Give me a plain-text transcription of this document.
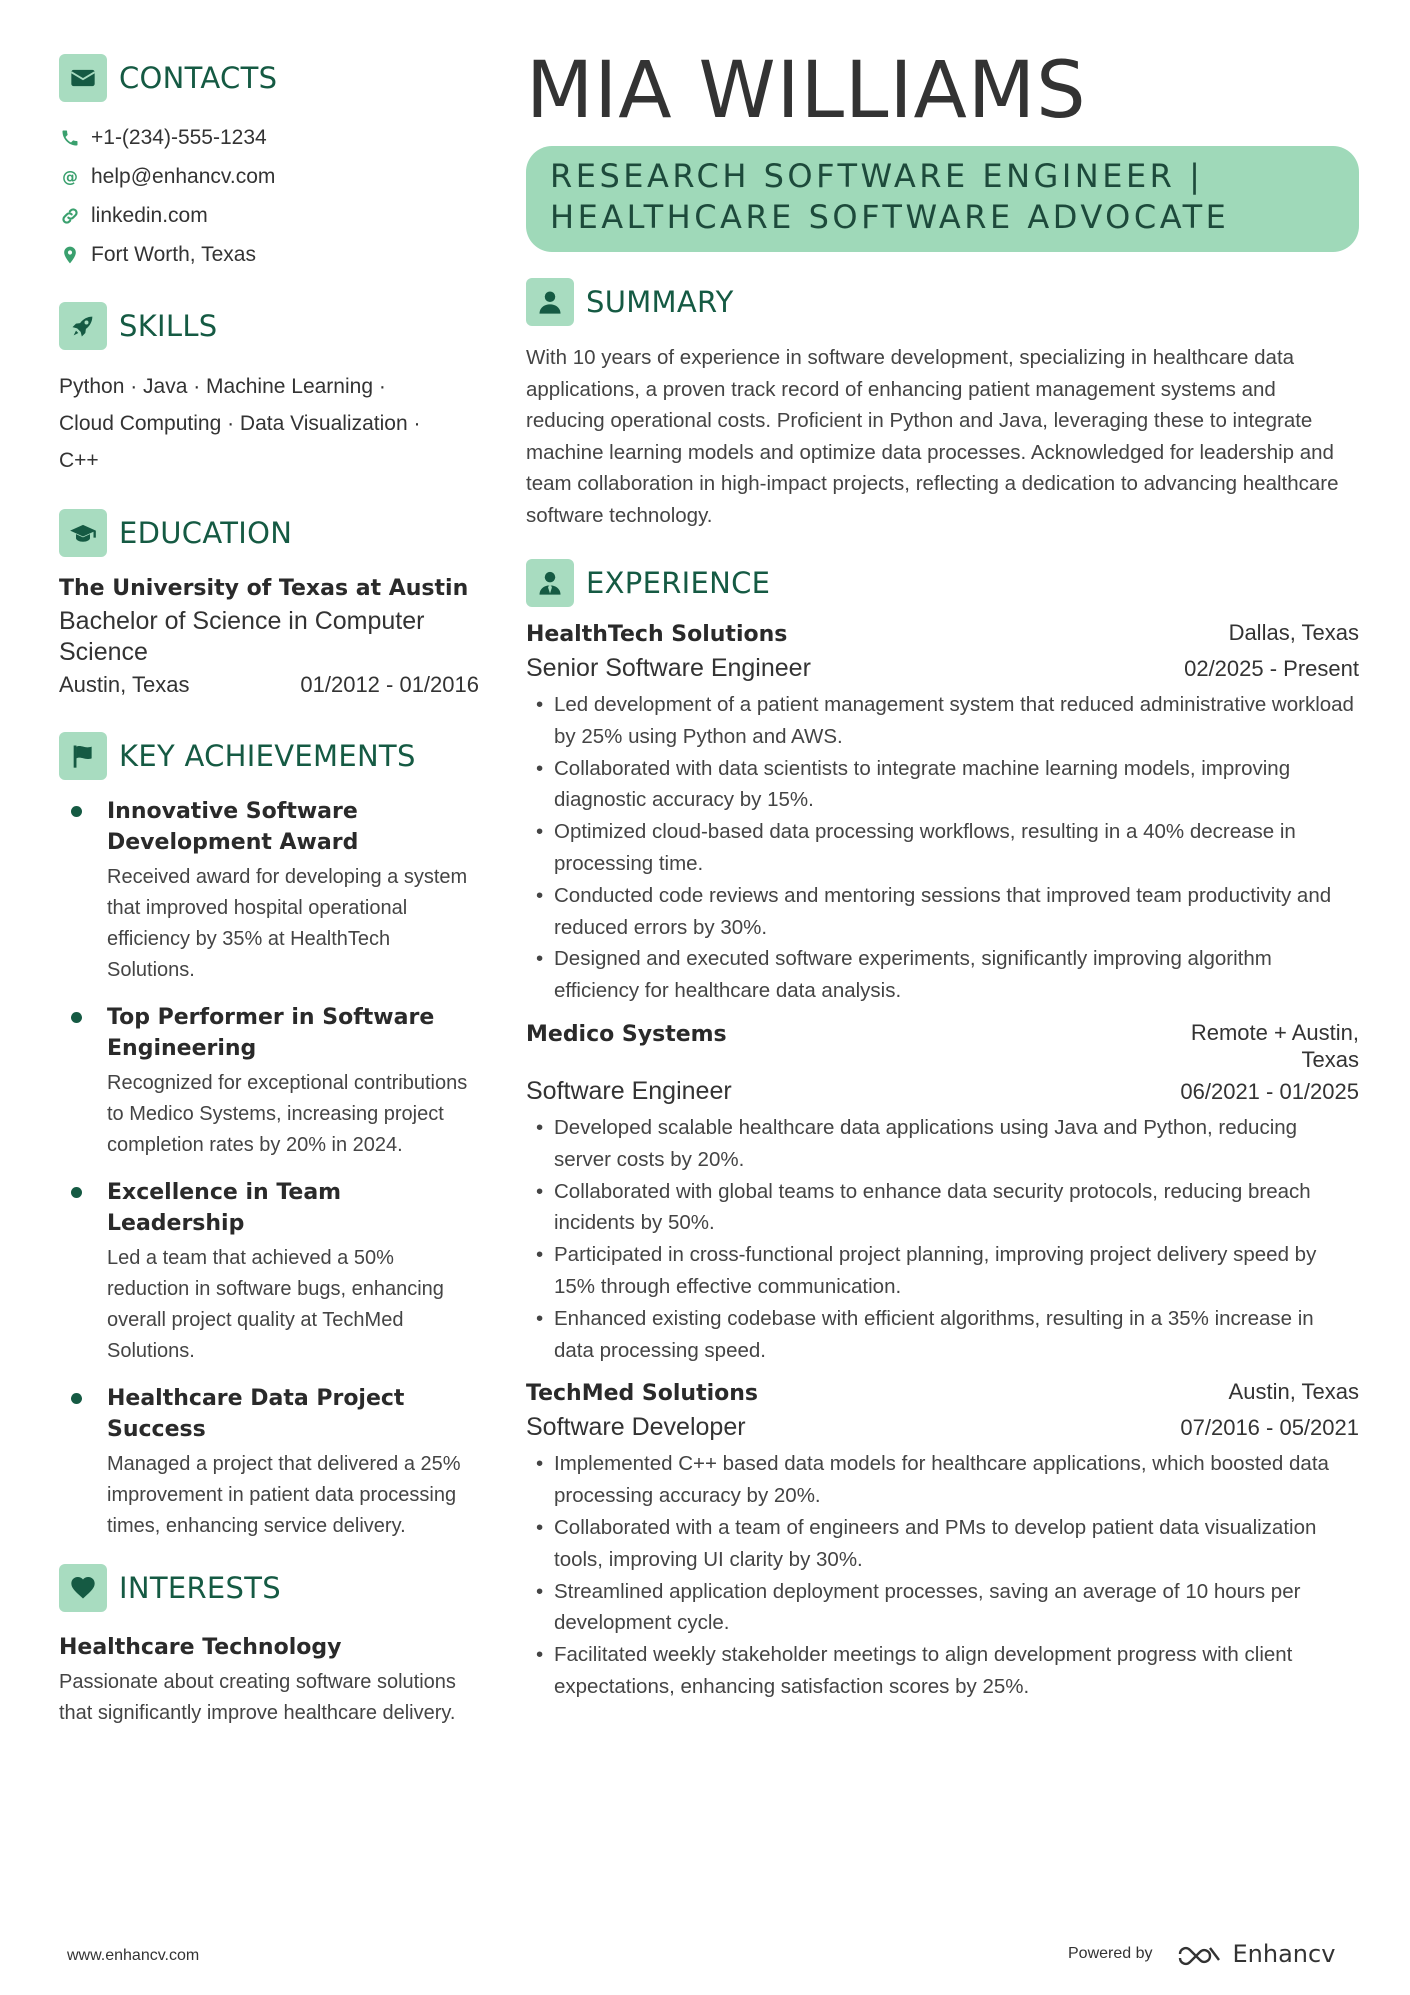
CONTACTS
+1-(234)-555-1234
@ help@enhancv.com
linkedin.com
Fort Worth, Texas
SKILLS
Python · Java · Machine Learning ·
Cloud Computing · Data Visualization ·
C++
EDUCATION
The University of Texas at Austin
Bachelor of Science in Computer Science
Austin, Texas	01/2012 - 01/2016
KEY ACHIEVEMENTS
Innovative Software Development Award
Received award for developing a system that improved hospital operational efficiency by 35% at HealthTech Solutions.
Top Performer in Software Engineering
Recognized for exceptional contributions to Medico Systems, increasing project completion rates by 20% in 2024.
Excellence in Team Leadership
Led a team that achieved a 50% reduction in software bugs, enhancing overall project quality at TechMed Solutions.
Healthcare Data Project Success
Managed a project that delivered a 25% improvement in patient data processing times, enhancing service delivery.
INTERESTS
Healthcare Technology
Passionate about creating software solutions that significantly improve healthcare delivery.
MIA WILLIAMS
RESEARCH SOFTWARE ENGINEER |
HEALTHCARE SOFTWARE ADVOCATE
SUMMARY
With 10 years of experience in software development, specializing in healthcare data applications, a proven track record of enhancing patient management systems and reducing operational costs. Proficient in Python and Java, leveraging these to integrate machine learning models and optimize data processes. Acknowledged for leadership and team collaboration in high-impact projects, reflecting a dedication to advancing healthcare software technology.
EXPERIENCE
HealthTech Solutions	Dallas, Texas
Senior Software Engineer	02/2025 - Present
• Led development of a patient management system that reduced administrative workload by 25% using Python and AWS.
• Collaborated with data scientists to integrate machine learning models, improving diagnostic accuracy by 15%.
• Optimized cloud-based data processing workflows, resulting in a 40% decrease in processing time.
• Conducted code reviews and mentoring sessions that improved team productivity and reduced errors by 30%.
• Designed and executed software experiments, significantly improving algorithm efficiency for healthcare data analysis.
Medico Systems	Remote + Austin, Texas
Software Engineer	06/2021 - 01/2025
• Developed scalable healthcare data applications using Java and Python, reducing server costs by 20%.
• Collaborated with global teams to enhance data security protocols, reducing breach incidents by 50%.
• Participated in cross-functional project planning, improving project delivery speed by 15% through effective communication.
• Enhanced existing codebase with efficient algorithms, resulting in a 35% increase in data processing speed.
TechMed Solutions	Austin, Texas
Software Developer	07/2016 - 05/2021
• Implemented C++ based data models for healthcare applications, which boosted data processing accuracy by 20%.
• Collaborated with a team of engineers and PMs to develop patient data visualization tools, improving UI clarity by 30%.
• Streamlined application deployment processes, saving an average of 10 hours per development cycle.
• Facilitated weekly stakeholder meetings to align development progress with client expectations, enhancing satisfaction scores by 25%.
www.enhancv.com	Powered by	Enhancv
